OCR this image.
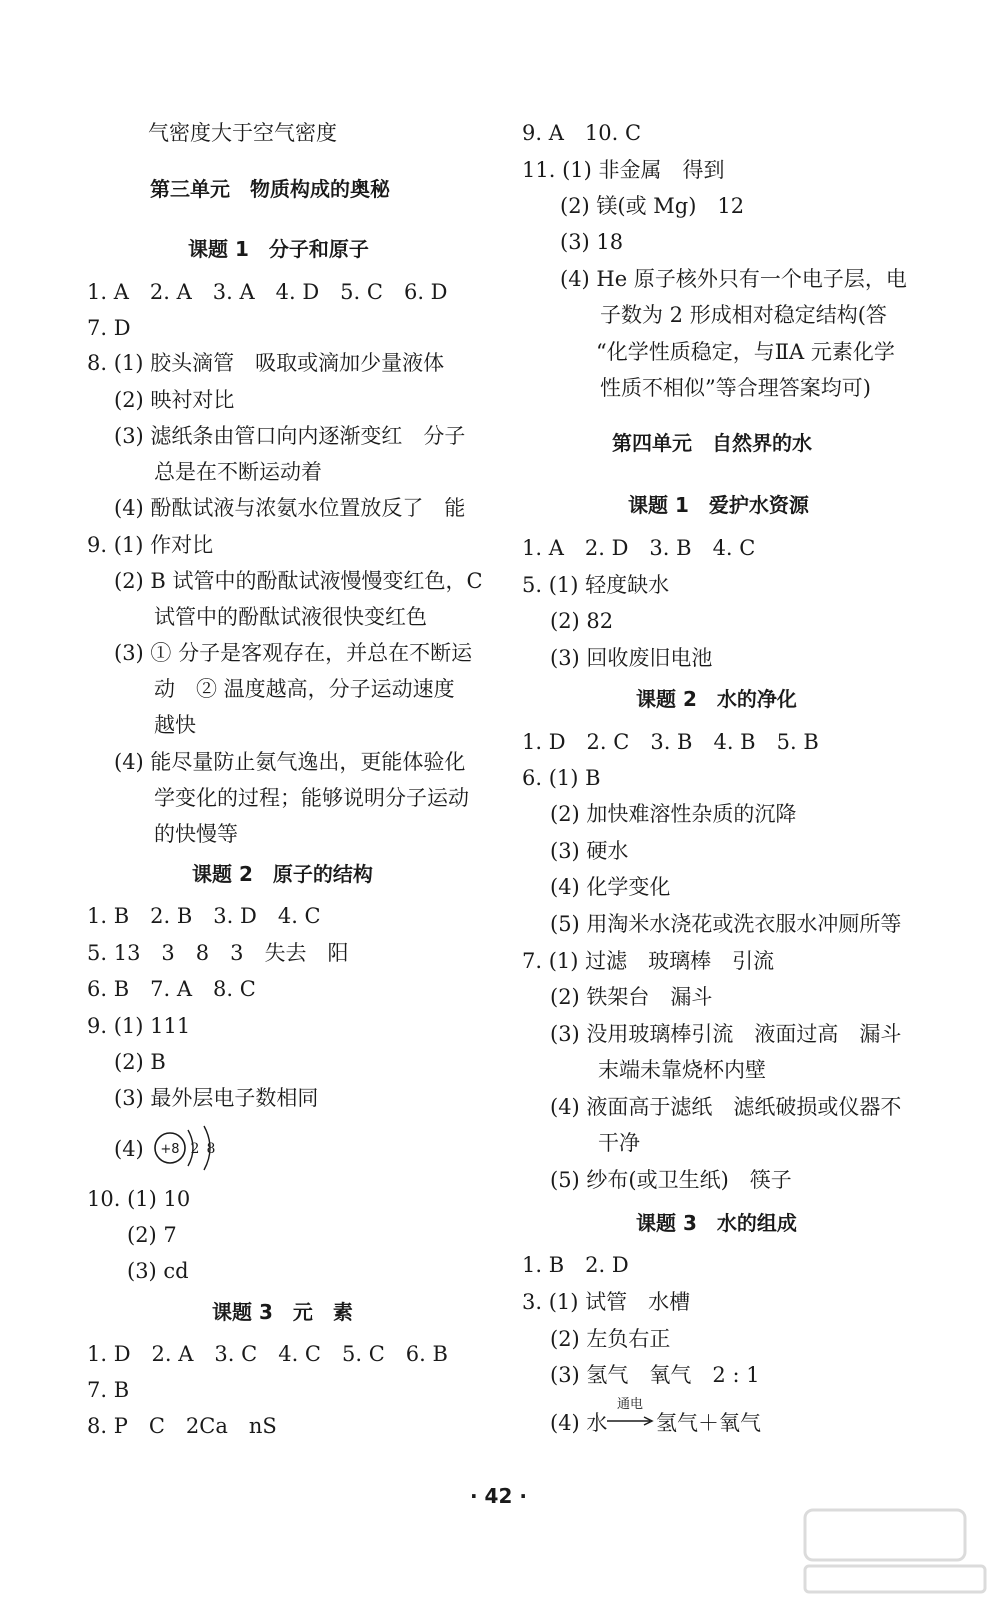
气密度大于空气密度
第三单元　物质构成的奥秘
课题 1　分子和原子
1. A　2. A　3. A　4. D　5. C　6. D
7. D
8. (1) 胶头滴管　吸取或滴加少量液体
(2) 映衬对比
(3) 滤纸条由管口向内逐渐变红　分子
总是在不断运动着
(4) 酚酞试液与浓氨水位置放反了　能
9. (1) 作对比
(2) B 试管中的酚酞试液慢慢变红色，C
试管中的酚酞试液很快变红色
(3) ① 分子是客观存在，并总在不断运
动　② 温度越高，分子运动速度
越快
(4) 能尽量防止氨气逸出，更能体验化
学变化的过程；能够说明分子运动
的快慢等
课题 2　原子的结构
1. B　2. B　3. D　4. C
5. 13　3　8　3　失去　阳
6. B　7. A　8. C
9. (1) 111
(2) B
(3) 最外层电子数相同
(4) +8 2 8
10. (1) 10
(2) 7
(3) cd
课题 3　元　素
1. D　2. A　3. C　4. C　5. C　6. B
7. B
8. P　C　2Ca　nS
9. A　10. C
11. (1) 非金属　得到
(2) 镁(或 Mg)　12
(3) 18
(4) He 原子核外只有一个电子层，电
子数为 2 形成相对稳定结构(答
“化学性质稳定，与ⅡA 元素化学
性质不相似”等合理答案均可)
第四单元　自然界的水
课题 1　爱护水资源
1. A　2. D　3. B　4. C
5. (1) 轻度缺水
(2) 82
(3) 回收废旧电池
课题 2　水的净化
1. D　2. C　3. B　4. B　5. B
6. (1) B
(2) 加快难溶性杂质的沉降
(3) 硬水
(4) 化学变化
(5) 用淘米水浇花或洗衣服水冲厕所等
7. (1) 过滤　玻璃棒　引流
(2) 铁架台　漏斗
(3) 没用玻璃棒引流　液面过高　漏斗
末端未靠烧杯内壁
(4) 液面高于滤纸　滤纸破损或仪器不
干净
(5) 纱布(或卫生纸)　筷子
课题 3　水的组成
1. B　2. D
3. (1) 试管　水槽
(2) 左负右正
(3) 氢气　氧气　2 : 1
(4) 水
通电
→ 氢气＋氧气
· 42 ·
